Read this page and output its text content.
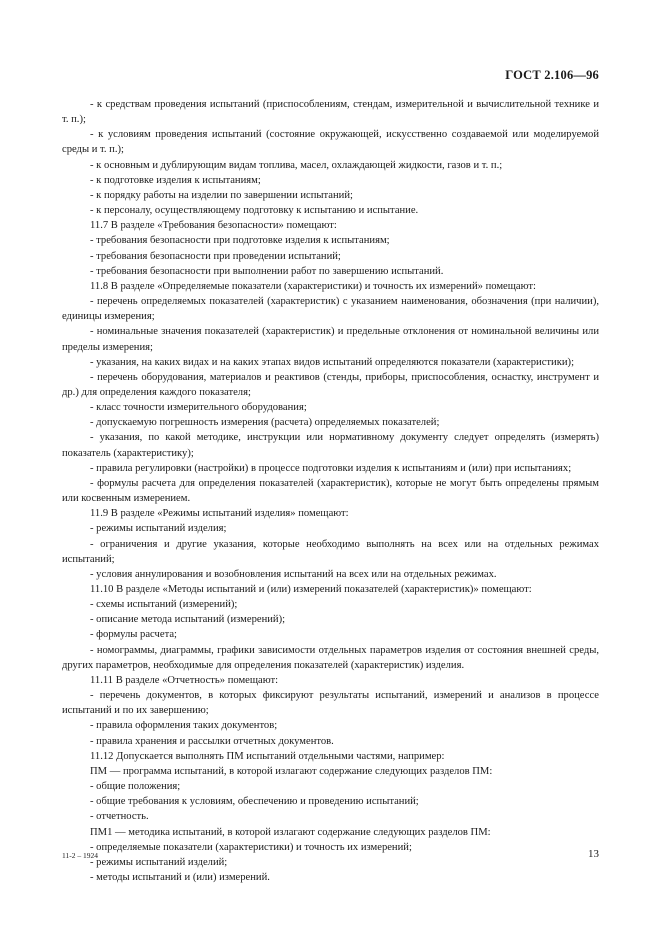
ГОСТ 2.106—96

- к средствам проведения испытаний (приспособлениям, стендам, измерительной и вычислительной технике и т. п.);

- к условиям проведения испытаний (состояние окружающей, искусственно создаваемой или моделируемой среды и т. п.);

- к основным и дублирующим видам топлива, масел, охлаждающей жидкости, газов и т. п.;

- к подготовке изделия к испытаниям;

- к порядку работы на изделии по завершении испытаний;

- к персоналу, осуществляющему подготовку к испытанию и испытание.

11.7 В разделе «Требования безопасности» помещают:

- требования безопасности при подготовке изделия к испытаниям;

- требования безопасности при проведении испытаний;

- требования безопасности при выполнении работ по завершению испытаний.

11.8 В разделе «Определяемые показатели (характеристики) и точность их измерений» помещают:

- перечень определяемых показателей (характеристик) с указанием наименования, обозначения (при наличии), единицы измерения;

- номинальные значения показателей (характеристик) и предельные отклонения от номинальной величины или пределы измерения;

- указания, на каких видах и на каких этапах видов испытаний определяются показатели (характеристики);

- перечень оборудования, материалов и реактивов (стенды, приборы, приспособления, оснастку, инструмент и др.) для определения каждого показателя;

- класс точности измерительного оборудования;

- допускаемую погрешность измерения (расчета) определяемых показателей;

- указания, по какой методике, инструкции или нормативному документу следует определять (измерять) показатель (характеристику);

- правила регулировки (настройки) в процессе подготовки изделия к испытаниям и (или) при испытаниях;

- формулы расчета для определения показателей (характеристик), которые не могут быть определены прямым или косвенным измерением.

11.9 В разделе «Режимы испытаний изделия» помещают:

- режимы испытаний изделия;

- ограничения и другие указания, которые необходимо выполнять на всех или на отдельных режимах испытаний;

- условия аннулирования и возобновления испытаний на всех или на отдельных режимах.

11.10 В разделе «Методы испытаний и (или) измерений показателей (характеристик)» помещают:

- схемы испытаний (измерений);

- описание метода испытаний (измерений);

- формулы расчета;

- номограммы, диаграммы, графики зависимости отдельных параметров изделия от состояния внешней среды, других параметров, необходимые для определения показателей (характеристик) изделия.

11.11 В разделе «Отчетность» помещают:

- перечень документов, в которых фиксируют результаты испытаний, измерений и анализов в процессе испытаний и по их завершению;

- правила оформления таких документов;

- правила хранения и рассылки отчетных документов.

11.12 Допускается выполнять ПМ испытаний отдельными частями, например:

ПМ — программа испытаний, в которой излагают содержание следующих разделов ПМ:

- общие положения;

- общие требования к условиям, обеспечению и проведению испытаний;

- отчетность.

ПМ1 — методика испытаний, в которой излагают содержание следующих разделов ПМ:

- определяемые показатели (характеристики) и точность их измерений;

- режимы испытаний изделий;

- методы испытаний и (или) измерений.

11-2 – 1924	13
